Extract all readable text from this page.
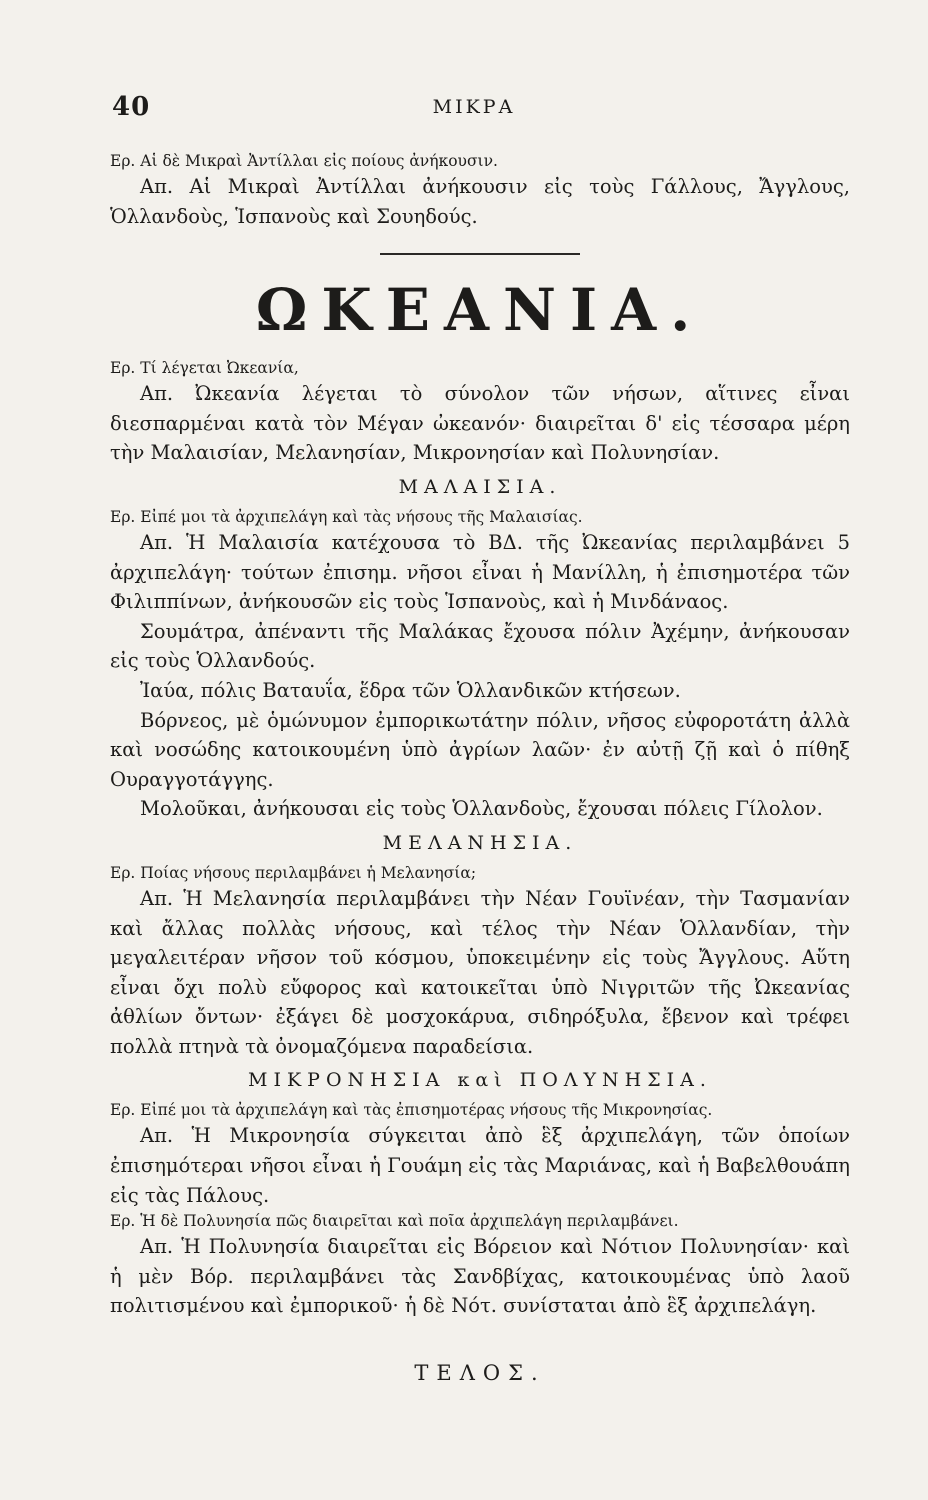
40	ΜΙΚΡΑ

Ερ. Αἱ δὲ Μικραὶ Ἀντίλλαι εἰς ποίους ἀνήκουσιν.

Απ. Αἱ Μικραὶ Ἀντίλλαι ἀνήκουσιν εἰς τοὺς Γάλλους, Ἄγγλους, Ὁλλανδοὺς, Ἱσπανοὺς καὶ Σουηδούς.

ΩΚΕΑΝΙΑ.

Ερ. Τί λέγεται Ὠκεανία,

Απ. Ὠκεανία λέγεται τὸ σύνολον τῶν νήσων, αἵτινες εἶναι διεσπαρμέναι κατὰ τὸν Μέγαν ὠκεανόν· διαιρεῖται δ' εἰς τέσσαρα μέρη τὴν Μαλαισίαν, Μελανησίαν, Μικρονησίαν καὶ Πολυνησίαν.

ΜΑΛΑΙΣΙΑ.

Ερ. Εἰπέ μοι τὰ ἀρχιπελάγη καὶ τὰς νήσους τῆς Μαλαισίας.

Απ. Ἡ Μαλαισία κατέχουσα τὸ ΒΔ. τῆς Ὠκεανίας περιλαμβάνει 5 ἀρχιπελάγη· τούτων ἐπισημ. νῆσοι εἶναι ἡ Μανίλλη, ἡ ἐπισημοτέρα τῶν Φιλιππίνων, ἀνήκουσῶν εἰς τοὺς Ἱσπανοὺς, καὶ ἡ Μινδάναος.

Σουμάτρα, ἀπέναντι τῆς Μαλάκας ἔχουσα πόλιν Ἀχέμην, ἀνήκουσαν εἰς τοὺς Ὁλλανδούς.

Ἰαύα, πόλις Βαταυΐα, ἕδρα τῶν Ὁλλανδικῶν κτήσεων.

Βόρνεος, μὲ ὁμώνυμον ἐμπορικωτάτην πόλιν, νῆσος εὐφοροτάτη ἀλλὰ καὶ νοσώδης κατοικουμένη ὑπὸ ἀγρίων λαῶν· ἐν αὐτῇ ζῇ καὶ ὁ πίθηξ Ουραγγοτάγγης.

Μολοῦκαι, ἀνήκουσαι εἰς τοὺς Ὁλλανδοὺς, ἔχουσαι πόλεις Γίλολον.

ΜΕΛΑΝΗΣΙΑ.

Ερ. Ποίας νήσους περιλαμβάνει ἡ Μελανησία;

Απ. Ἡ Μελανησία περιλαμβάνει τὴν Νέαν Γουϊνέαν, τὴν Τασμανίαν καὶ ἄλλας πολλὰς νήσους, καὶ τέλος τὴν Νέαν Ὁλλανδίαν, τὴν μεγαλειτέραν νῆσον τοῦ κόσμου, ὑποκειμένην εἰς τοὺς Ἄγγλους. Αὕτη εἶναι ὄχι πολὺ εὔφορος καὶ κατοικεῖται ὑπὸ Νιγριτῶν τῆς Ὠκεανίας ἀθλίων ὄντων· ἐξάγει δὲ μοσχοκάρυα, σιδηρόξυλα, ἔβενον καὶ τρέφει πολλὰ πτηνὰ τὰ ὀνομαζόμενα παραδείσια.

ΜΙΚΡΟΝΗΣΙΑ καὶ ΠΟΛΥΝΗΣΙΑ.

Ερ. Εἰπέ μοι τὰ ἀρχιπελάγη καὶ τὰς ἐπισημοτέρας νήσους τῆς Μικρονησίας.

Απ. Ἡ Μικρονησία σύγκειται ἀπὸ ἓξ ἀρχιπελάγη, τῶν ὁποίων ἐπισημότεραι νῆσοι εἶναι ἡ Γουάμη εἰς τὰς Μαριάνας, καὶ ἡ Βαβελθουάπη εἰς τὰς Πάλους.

Ερ. Ἡ δὲ Πολυνησία πῶς διαιρεῖται καὶ ποῖα ἀρχιπελάγη περιλαμβάνει.

Απ. Ἡ Πολυνησία διαιρεῖται εἰς Βόρειον καὶ Νότιον Πολυνησίαν· καὶ ἡ μὲν Βόρ. περιλαμβάνει τὰς Σανδβίχας, κατοικουμένας ὑπὸ λαοῦ πολιτισμένου καὶ ἐμπορικοῦ· ἡ δὲ Νότ. συνίσταται ἀπὸ ἓξ ἀρχιπελάγη.

ΤΕΛΟΣ.
